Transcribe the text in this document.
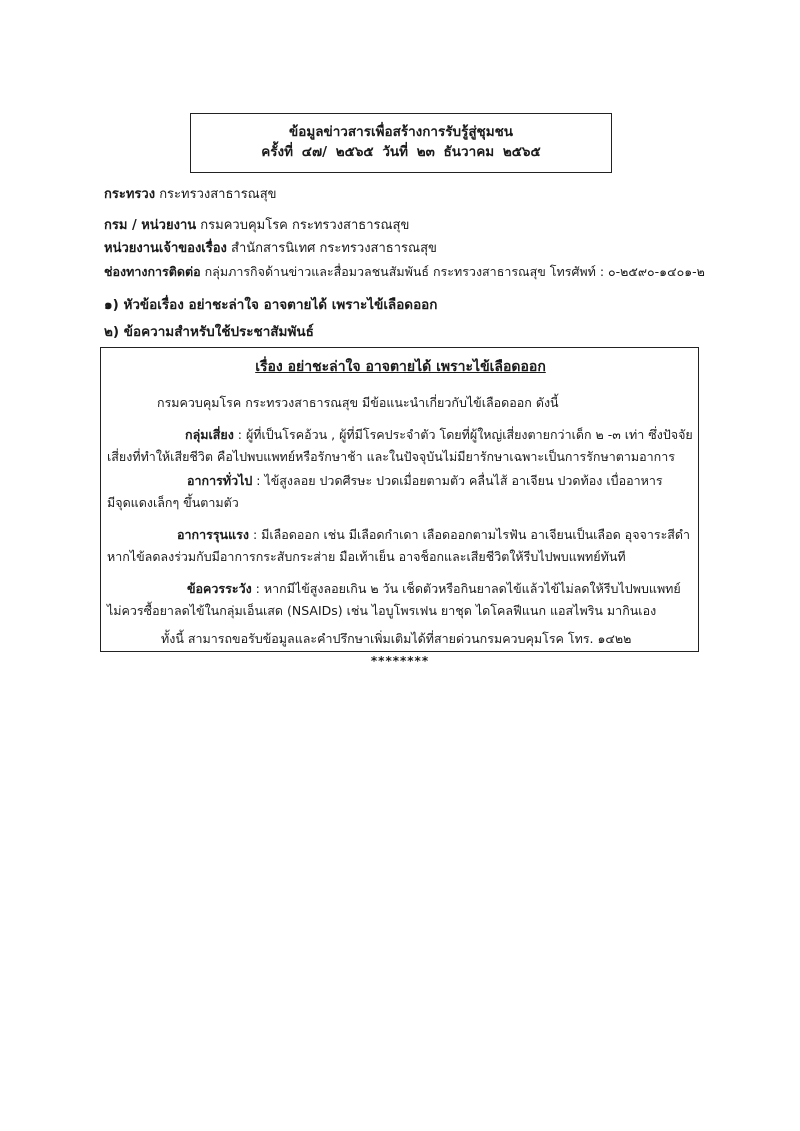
ข้อมูลข่าวสารเพื่อสร้างการรับรู้สู่ชุมชน
ครั้งที่ ๔๗/ ๒๕๖๕ วันที่ ๒๓ ธันวาคม ๒๕๖๕
กระทรวง กระทรวงสาธารณสุข
กรม / หน่วยงาน กรมควบคุมโรค กระทรวงสาธารณสุข
หน่วยงานเจ้าของเรื่อง สำนักสารนิเทศ กระทรวงสาธารณสุข
ช่องทางการติดต่อ กลุ่มภารกิจด้านข่าวและสื่อมวลชนสัมพันธ์ กระทรวงสาธารณสุข โทรศัพท์ : ๐-๒๕๙๐-๑๔๐๑-๒
๑) หัวข้อเรื่อง อย่าชะล่าใจ อาจตายได้ เพราะไข้เลือดออก
๒) ข้อความสำหรับใช้ประชาสัมพันธ์
เรื่อง อย่าชะล่าใจ อาจตายได้ เพราะไข้เลือดออก
กรมควบคุมโรค กระทรวงสาธารณสุข มีข้อแนะนำเกี่ยวกับไข้เลือดออก ดังนี้
กลุ่มเสี่ยง : ผู้ที่เป็นโรคอ้วน , ผู้ที่มีโรคประจำตัว โดยที่ผู้ใหญ่เสี่ยงตายกว่าเด็ก ๒ -๓ เท่า ซึ่งปัจจัย
เสี่ยงที่ทำให้เสียชีวิต คือไปพบแพทย์หรือรักษาช้า และในปัจจุบันไม่มียารักษาเฉพาะเป็นการรักษาตามอาการ
อาการทั่วไป : ไข้สูงลอย ปวดศีรษะ ปวดเมื่อยตามตัว คลื่นไส้ อาเจียน ปวดท้อง เบื่ออาหาร
มีจุดแดงเล็กๆ ขึ้นตามตัว
อาการรุนแรง : มีเลือดออก เช่น มีเลือดกำเดา เลือดออกตามไรฟัน อาเจียนเป็นเลือด อุจจาระสีดำ
หากไข้ลดลงร่วมกับมีอาการกระสับกระส่าย มือเท้าเย็น อาจช็อกและเสียชีวิตให้รีบไปพบแพทย์ทันที
ข้อควรระวัง : หากมีไข้สูงลอยเกิน ๒ วัน เช็ดตัวหรือกินยาลดไข้แล้วไข้ไม่ลดให้รีบไปพบแพทย์
ไม่ควรซื้อยาลดไข้ในกลุ่มเอ็นเสด (NSAIDs) เช่น ไอบูโพรเฟน ยาชุด ไดโคลฟีแนก แอสไพริน มากินเอง
ทั้งนี้ สามารถขอรับข้อมูลและคำปรึกษาเพิ่มเติมได้ที่สายด่วนกรมควบคุมโรค โทร. ๑๔๒๒
********
